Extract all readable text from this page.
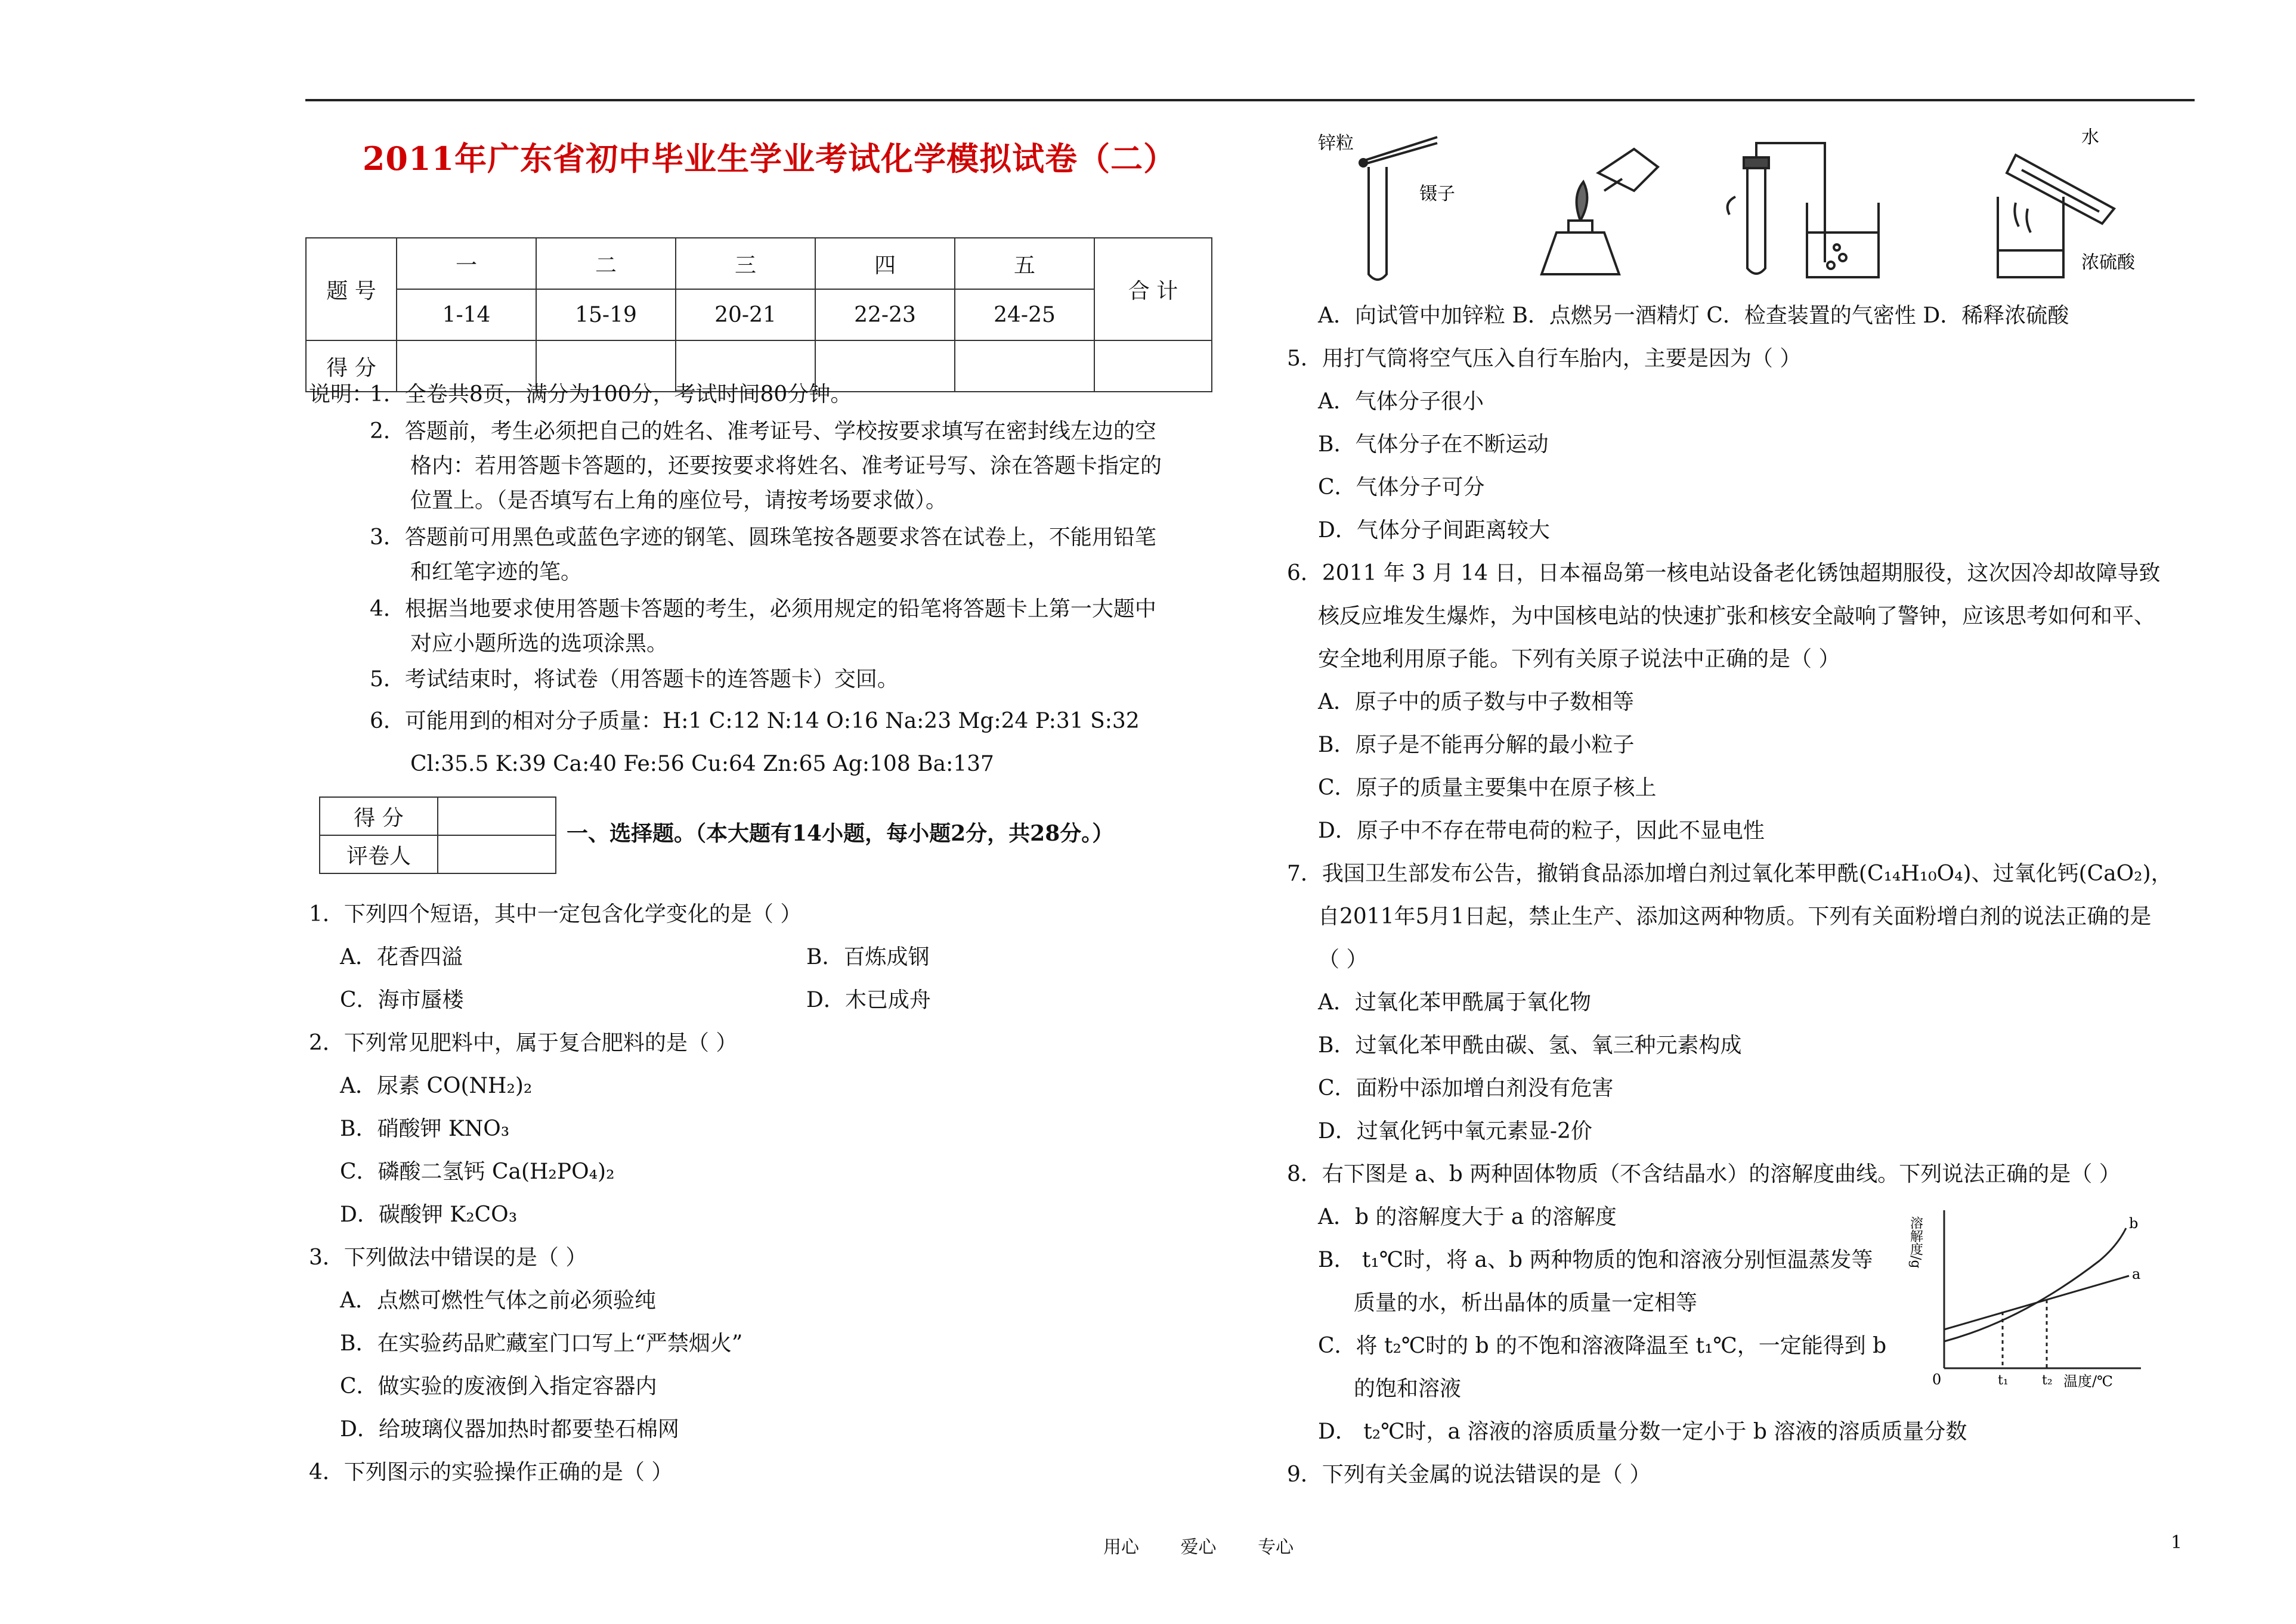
2011年广东省初中毕业生学业考试化学模拟试卷（二）
题 号	一	二	三	四	五	合 计
	1-14	15-19	20-21	22-23	24-25	
得 分						
说明：
1．全卷共8页，满分为100分，考试时间80分钟。
2．答题前，考生必须把自己的姓名、准考证号、学校按要求填写在密封线左边的空
格内：若用答题卡答题的，还要按要求将姓名、准考证号写、涂在答题卡指定的
位置上。（是否填写右上角的座位号，请按考场要求做）。
3．答题前可用黑色或蓝色字迹的钢笔、圆珠笔按各题要求答在试卷上，不能用铅笔
和红笔字迹的笔。
4．根据当地要求使用答题卡答题的考生，必须用规定的铅笔将答题卡上第一大题中
对应小题所选的选项涂黑。
5．考试结束时，将试卷（用答题卡的连答题卡）交回。
6．可能用到的相对分子质量：H:1 C:12 N:14 O:16 Na:23 Mg:24 P:31 S:32
Cl:35.5 K:39 Ca:40 Fe:56 Cu:64 Zn:65 Ag:108 Ba:137
得 分	
评卷人	
一、选择题。（本大题有14小题，每小题2分，共28分。）
1．下列四个短语，其中一定包含化学变化的是（ ）
A．花香四溢	B．百炼成钢
C．海市蜃楼	D．木已成舟
2．下列常见肥料中，属于复合肥料的是（ ）
A．尿素 CO(NH₂)₂
B．硝酸钾 KNO₃
C．磷酸二氢钙 Ca(H₂PO₄)₂
D．碳酸钾 K₂CO₃
3．下列做法中错误的是（ ）
A．点燃可燃性气体之前必须验纯
B．在实验药品贮藏室门口写上“严禁烟火”
C．做实验的废液倒入指定容器内
D．给玻璃仪器加热时都要垫石棉网
4．下列图示的实验操作正确的是（ ）
锌粒
镊子
水
浓硫酸
A．向试管中加锌粒 B．点燃另一酒精灯 C．检查装置的气密性 D．稀释浓硫酸
5．用打气筒将空气压入自行车胎内，主要是因为（ ）
A．气体分子很小
B．气体分子在不断运动
C．气体分子可分
D．气体分子间距离较大
6．2011 年 3 月 14 日，日本福岛第一核电站设备老化锈蚀超期服役，这次因冷却故障导致
核反应堆发生爆炸，为中国核电站的快速扩张和核安全敲响了警钟，应该思考如何和平、
安全地利用原子能。下列有关原子说法中正确的是（ ）
A．原子中的质子数与中子数相等
B．原子是不能再分解的最小粒子
C．原子的质量主要集中在原子核上
D．原子中不存在带电荷的粒子，因此不显电性
7．我国卫生部发布公告，撤销食品添加增白剂过氧化苯甲酰(C₁₄H₁₀O₄)、过氧化钙(CaO₂)，
自2011年5月1日起，禁止生产、添加这两种物质。下列有关面粉增白剂的说法正确的是
（ ）
A．过氧化苯甲酰属于氧化物
B．过氧化苯甲酰由碳、氢、氧三种元素构成
C．面粉中添加增白剂没有危害
D．过氧化钙中氧元素显-2价
8．右下图是 a、b 两种固体物质（不含结晶水）的溶解度曲线。下列说法正确的是（ ）
A．b 的溶解度大于 a 的溶解度
B． t₁℃时，将 a、b 两种物质的饱和溶液分别恒温蒸发等
质量的水，析出晶体的质量一定相等
C．将 t₂℃时的 b 的不饱和溶液降温至 t₁℃，一定能得到 b
的饱和溶液
D． t₂℃时，a 溶液的溶质质量分数一定小于 b 溶液的溶质质量分数
9．下列有关金属的说法错误的是（ ）
溶解度/g
温度/℃
0	t₁	t₂
b
a
用心 爱心 专心	1
